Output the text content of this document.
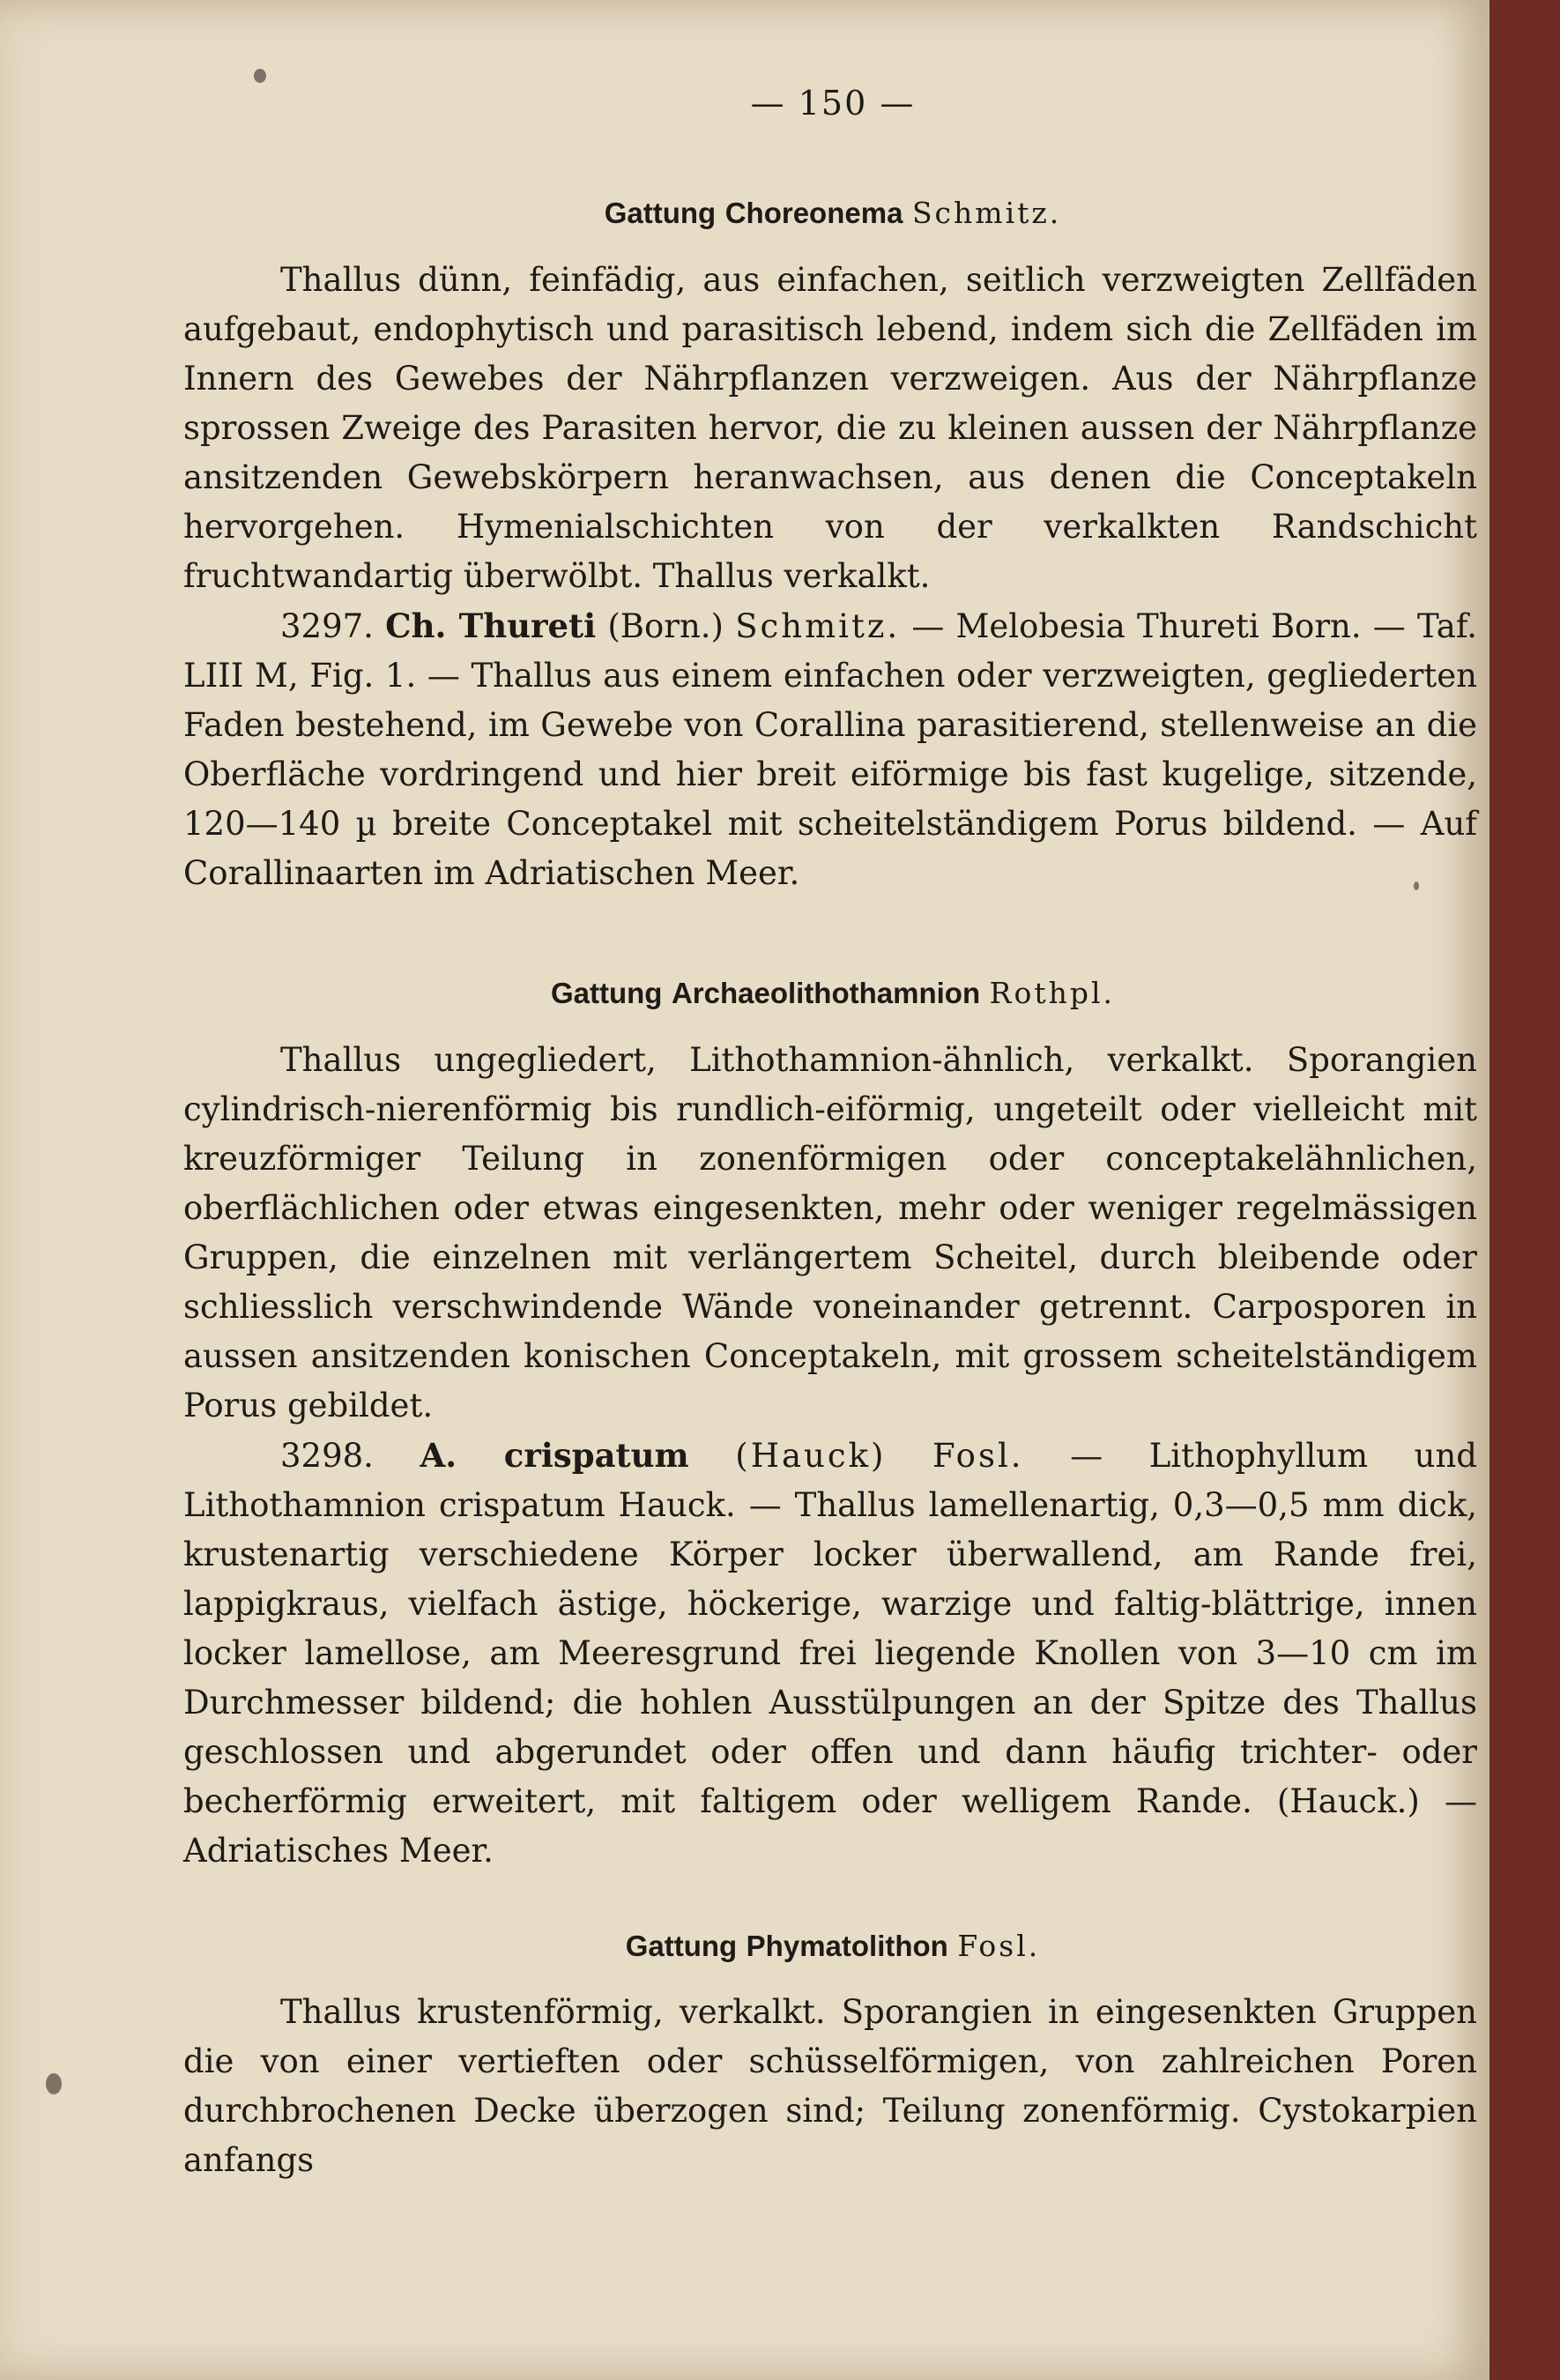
— 150 —
Gattung Choreonema Schmitz.

Thallus dünn, feinfädig, aus einfachen, seitlich verzweigten Zellfäden aufgebaut, endophytisch und parasitisch lebend, indem sich die Zellfäden im Innern des Gewebes der Nährpflanzen verzweigen. Aus der Nährpflanze sprossen Zweige des Parasiten hervor, die zu kleinen aussen der Nährpflanze ansitzenden Gewebskörpern heranwachsen, aus denen die Conceptakeln hervorgehen. Hymenialschichten von der verkalkten Randschicht fruchtwandartig überwölbt. Thallus verkalkt.

3297. Ch. Thureti (Born.) Schmitz. — Melobesia Thureti Born. — Taf. LIII M, Fig. 1. — Thallus aus einem einfachen oder verzweigten, gegliederten Faden bestehend, im Gewebe von Corallina parasitierend, stellenweise an die Oberfläche vordringend und hier breit eiförmige bis fast kugelige, sitzende, 120—140 µ breite Conceptakel mit scheitelständigem Porus bildend. — Auf Corallinaarten im Adriatischen Meer.

Gattung Archaeolithothamnion Rothpl.

Thallus ungegliedert, Lithothamnion-ähnlich, verkalkt. Sporangien cylindrisch-nierenförmig bis rundlich-eiförmig, ungeteilt oder vielleicht mit kreuzförmiger Teilung in zonenförmigen oder conceptakelähnlichen, oberflächlichen oder etwas eingesenkten, mehr oder weniger regelmässigen Gruppen, die einzelnen mit verlängertem Scheitel, durch bleibende oder schliesslich verschwindende Wände voneinander getrennt. Carposporen in aussen ansitzenden konischen Conceptakeln, mit grossem scheitelständigem Porus gebildet.

3298. A. crispatum (Hauck) Fosl. — Lithophyllum und Lithothamnion crispatum Hauck. — Thallus lamellenartig, 0,3—0,5 mm dick, krustenartig verschiedene Körper locker überwallend, am Rande frei, lappigkraus, vielfach ästige, höckerige, warzige und faltig-blättrige, innen locker lamellose, am Meeresgrund frei liegende Knollen von 3—10 cm im Durchmesser bildend; die hohlen Ausstülpungen an der Spitze des Thallus geschlossen und abgerundet oder offen und dann häufig trichter- oder becherförmig erweitert, mit faltigem oder welligem Rande. (Hauck.) — Adriatisches Meer.

Gattung Phymatolithon Fosl.

Thallus krustenförmig, verkalkt. Sporangien in eingesenkten Gruppen die von einer vertieften oder schüsselförmigen, von zahlreichen Poren durchbrochenen Decke überzogen sind; Teilung zonenförmig. Cystokarpien anfangs
